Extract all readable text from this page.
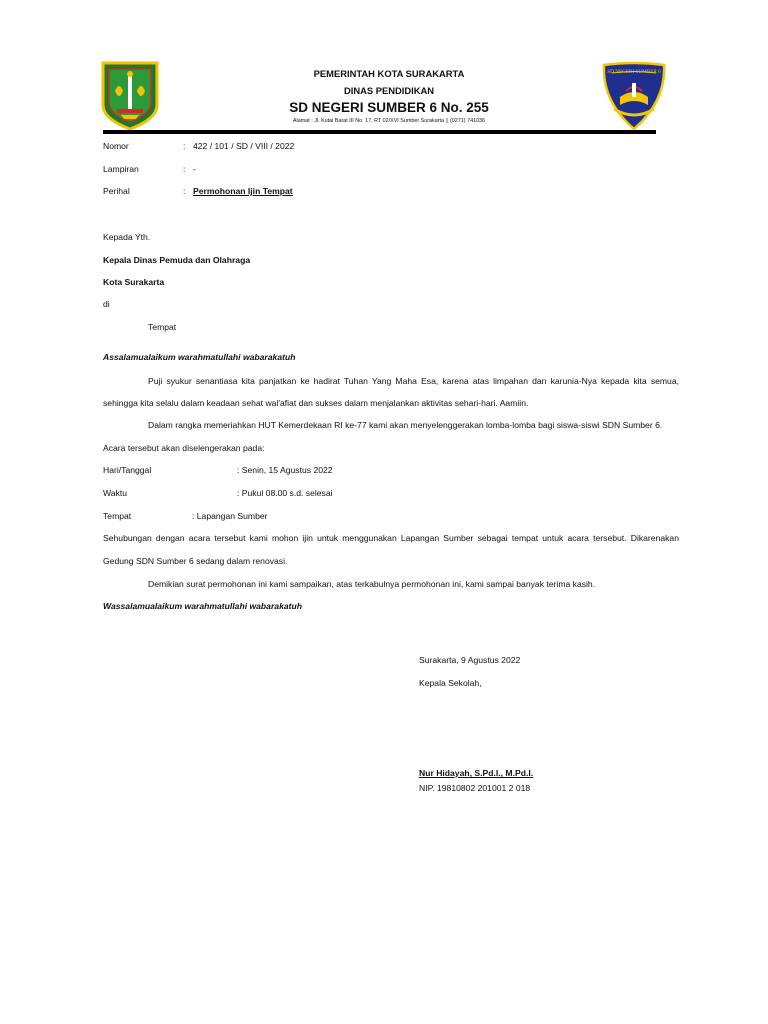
SD NEGERI SUMBER 6
PEMERINTAH KOTA SURAKARTA
DINAS PENDIDIKAN
SD NEGERI SUMBER 6 No. 255
Alamat : Jl. Kutai Barat III No. 17, RT 02/XVI Sumber Surakarta ▯ (0271) 741036
Nomor	: 422 / 101 / SD / VIII / 2022
Lampiran	: -
Perihal	: Permohonan Ijin Tempat
Kepada Yth.
Kepala Dinas Pemuda dan Olahraga
Kota Surakarta
di
Tempat
Assalamualaikum warahmatullahi wabarakatuh
Puji syukur senantiasa kita panjatkan ke hadirat Tuhan Yang Maha Esa, karena atas limpahan dan karunia-Nya kepada kita semua,
sehingga kita selalu dalam keadaan sehat wal'afiat dan sukses dalam menjalankan aktivitas sehari-hari. Aamiin.
Dalam rangka memeriahkan HUT Kemerdekaan RI ke-77 kami akan menyelenggerakan lomba-lomba bagi siswa-siswi SDN Sumber 6.
Acara tersebut akan diselengerakan pada:
Hari/Tanggal	: Senin, 15 Agustus 2022
Waktu	: Pukul 08.00 s.d. selesai
Tempat	: Lapangan Sumber
Sehubungan dengan acara tersebut kami mohon ijin untuk menggunakan Lapangan Sumber sebagai tempat untuk acara tersebut. Dikarenakan
Gedung SDN Sumber 6 sedang dalam renovasi.
Demikian surat permohonan ini kami sampaikan, atas terkabulnya permohonan ini, kami sampai banyak terima kasih.
Wassalamualaikum warahmatullahi wabarakatuh
Surakarta, 9 Agustus 2022
Kepala Sekolah,
Nur Hidayah, S.Pd.I., M.Pd.I.
NIP. 19810802 201001 2 018
